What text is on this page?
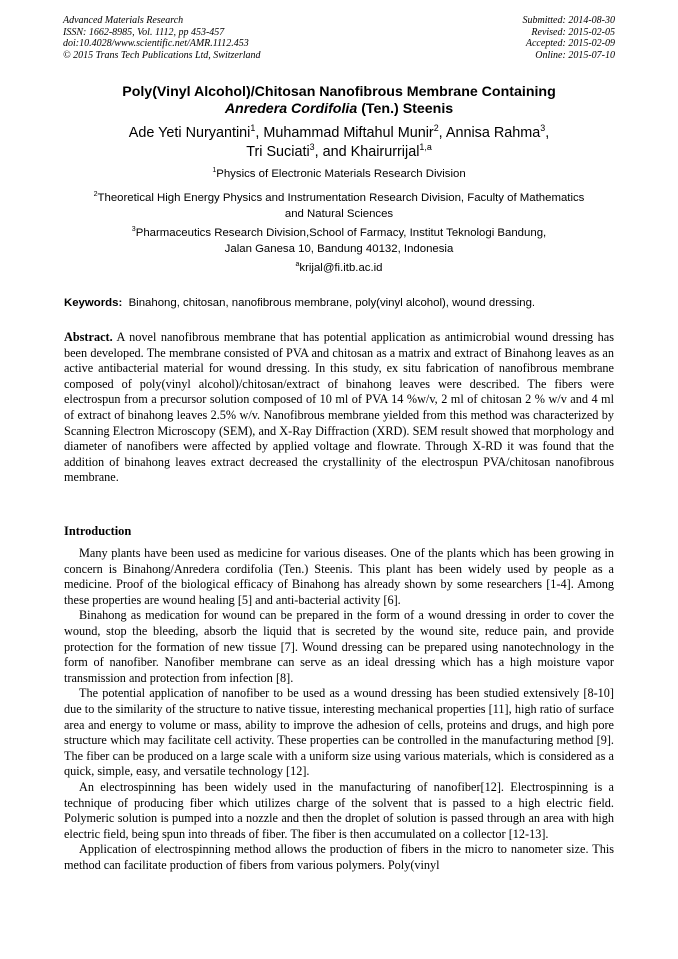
Advanced Materials Research
ISSN: 1662-8985, Vol. 1112, pp 453-457
doi:10.4028/www.scientific.net/AMR.1112.453
© 2015 Trans Tech Publications Ltd, Switzerland
Submitted: 2014-08-30
Revised: 2015-02-05
Accepted: 2015-02-09
Online: 2015-07-10
Poly(Vinyl Alcohol)/Chitosan Nanofibrous Membrane Containing
Anredera Cordifolia (Ten.) Steenis
Ade Yeti Nuryantini$^1$, Muhammad Miftahul Munir$^2$, Annisa Rahma$^3$,
Tri Suciati$^3$, and Khairurrijal$^{1,a}$
$^1$Physics of Electronic Materials Research Division
$^2$Theoretical High Energy Physics and Instrumentation Research Division, Faculty of Mathematics
and Natural Sciences
$^3$Pharmaceutics Research Division,School of Farmacy, Institut Teknologi Bandung,
Jalan Ganesa 10, Bandung 40132, Indonesia
$^a$krijal@fi.itb.ac.id
Keywords: Binahong, chitosan, nanofibrous membrane, poly(vinyl alcohol), wound dressing.

Abstract. A novel nanofibrous membrane that has potential application as antimicrobial wound dressing has been developed. The membrane consisted of PVA and chitosan as a matrix and extract of Binahong leaves as an active antibacterial material for wound dressing. In this study, ex situ fabrication of nanofibrous membrane composed of poly(vinyl alcohol)/chitosan/extract of binahong leaves were described. The fibers were electrospun from a precursor solution composed of 10 ml of PVA 14 %w/v, 2 ml of chitosan 2 % w/v and 4 ml of extract of binahong leaves 2.5% w/v. Nanofibrous membrane yielded from this method was characterized by Scanning Electron Microscopy (SEM), and X-Ray Diffraction (XRD). SEM result showed that morphology and diameter of nanofibers were affected by applied voltage and flowrate. Through X-RD it was found that the addition of binahong leaves extract decreased the crystallinity of the electrospun PVA/chitosan nanofibrous membrane.

Introduction

Many plants have been used as medicine for various diseases. One of the plants which has been growing in concern is Binahong/Anredera cordifolia (Ten.) Steenis. This plant has been widely used by people as a medicine. Proof of the biological efficacy of Binahong has already shown by some researchers [1-4]. Among these properties are wound healing [5] and anti-bacterial activity [6].

Binahong as medication for wound can be prepared in the form of a wound dressing in order to cover the wound, stop the bleeding, absorb the liquid that is secreted by the wound site, reduce pain, and provide protection for the formation of new tissue [7]. Wound dressing can be prepared using nanotechnology in the form of nanofiber. Nanofiber membrane can serve as an ideal dressing which has a high moisture vapor transmission and protection from infection [8].

The potential application of nanofiber to be used as a wound dressing has been studied extensively [8-10] due to the similarity of the structure to native tissue, interesting mechanical properties [11], high ratio of surface area and energy to volume or mass, ability to improve the adhesion of cells, proteins and drugs, and high pore structure which may facilitate cell activity. These properties can be controlled in the manufacturing method [9]. The fiber can be produced on a large scale with a uniform size using various materials, which is considered as a quick, simple, easy, and versatile technology [12].

An electrospinning has been widely used in the manufacturing of nanofiber[12]. Electrospinning is a technique of producing fiber which utilizes charge of the solvent that is passed to a high electric field. Polymeric solution is pumped into a nozzle and then the droplet of solution is passed through an area with high electric field, being spun into threads of fiber. The fiber is then accumulated on a collector [12-13].

Application of electrospinning method allows the production of fibers in the micro to nanometer size. This method can facilitate production of fibers from various polymers. Poly(vinyl
